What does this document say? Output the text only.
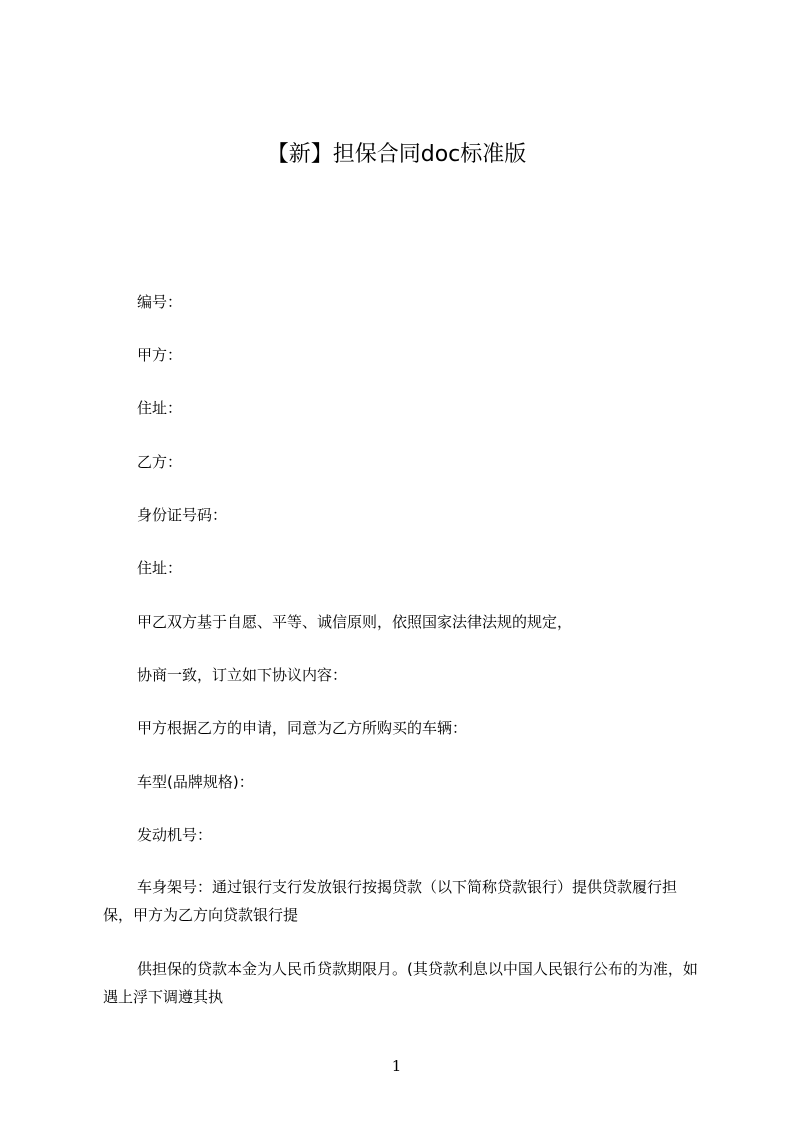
【新】担保合同doc标准版

编号：

甲方：

住址：

乙方：

身份证号码：

住址：

甲乙双方基于自愿、平等、诚信原则，依照国家法律法规的规定，

协商一致，订立如下协议内容：

甲方根据乙方的申请，同意为乙方所购买的车辆：

车型(品牌规格)：

发动机号：

车身架号：通过银行支行发放银行按揭贷款（以下简称贷款银行）提供贷款履行担保，甲方为乙方向贷款银行提

供担保的贷款本金为人民币贷款期限月。(其贷款利息以中国人民银行公布的为准，如遇上浮下调遵其执

1
